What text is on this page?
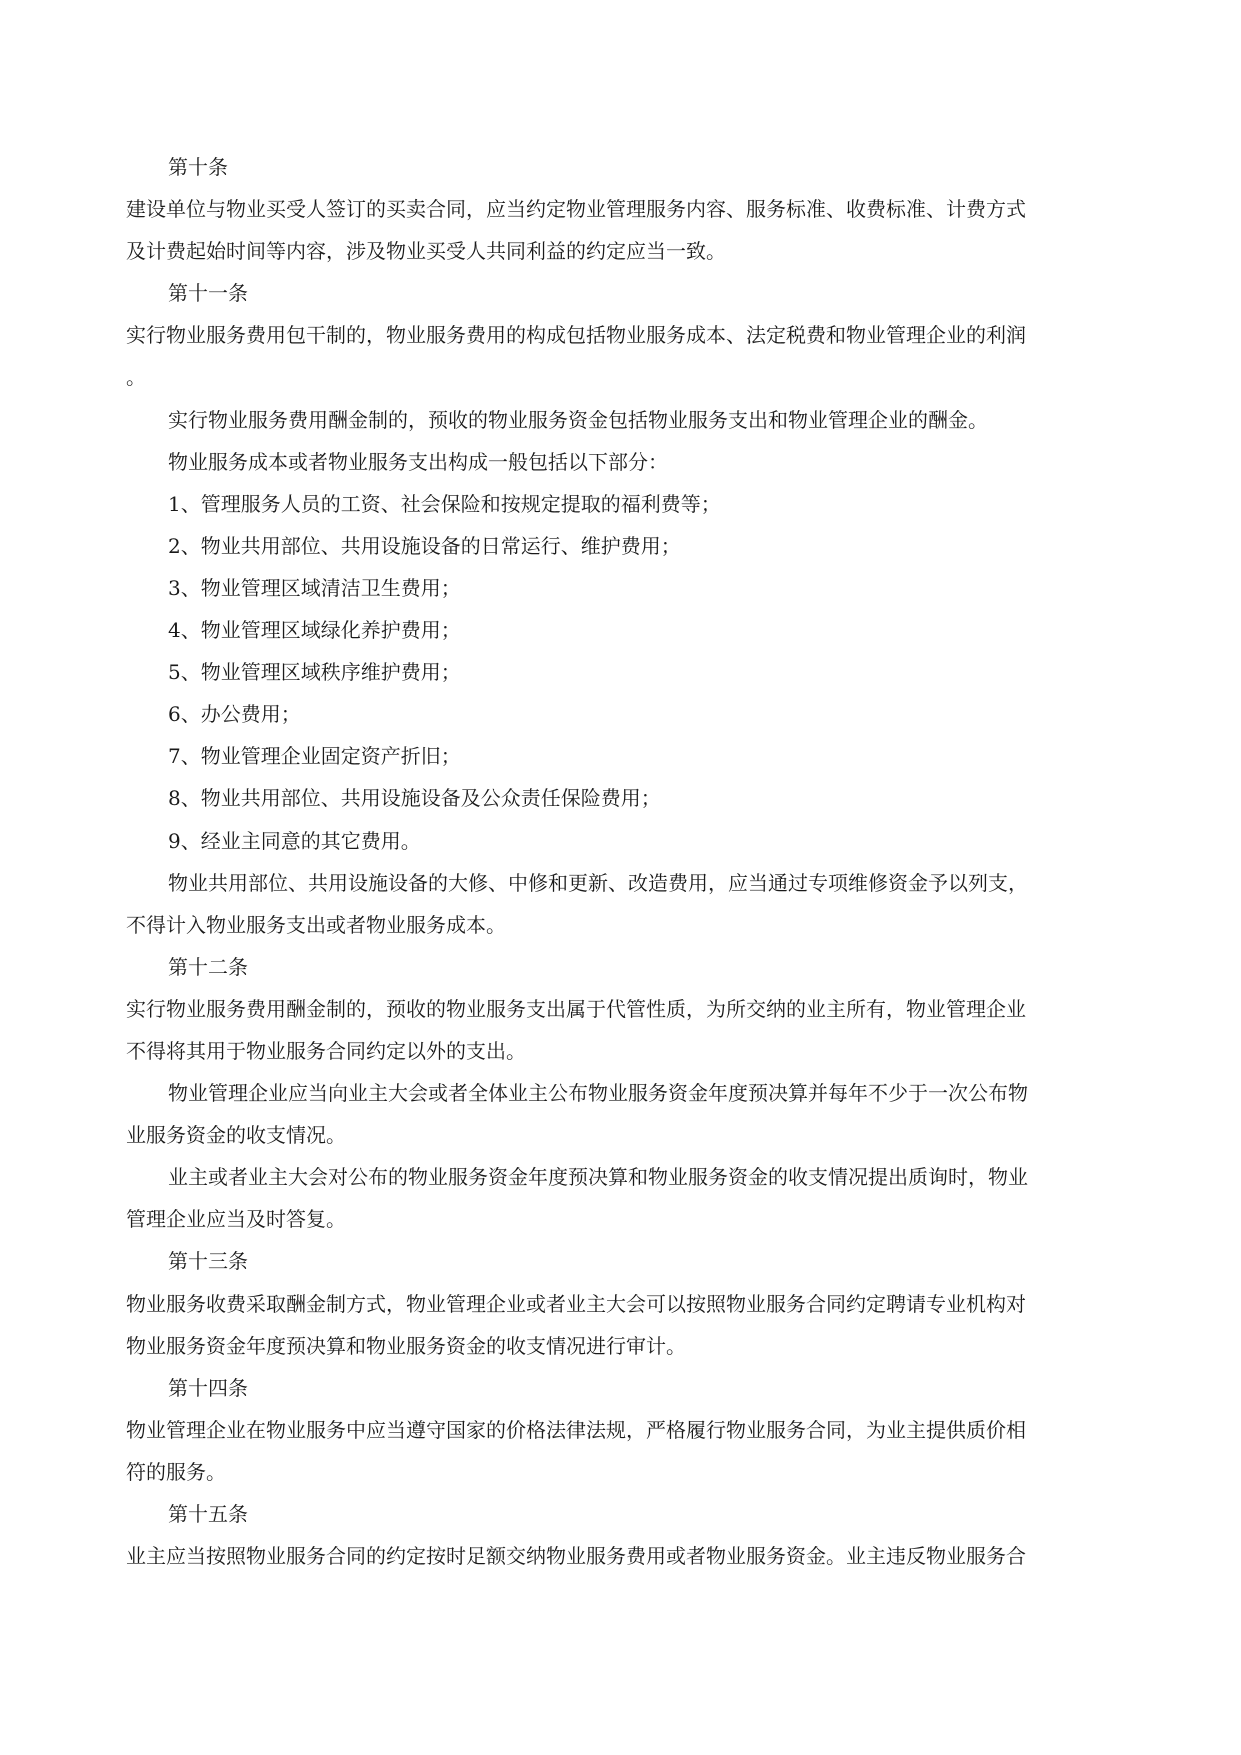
第十条
建设单位与物业买受人签订的买卖合同，应当约定物业管理服务内容、服务标准、收费标准、计费方式
及计费起始时间等内容，涉及物业买受人共同利益的约定应当一致。
第十一条
实行物业服务费用包干制的，物业服务费用的构成包括物业服务成本、法定税费和物业管理企业的利润
。
实行物业服务费用酬金制的，预收的物业服务资金包括物业服务支出和物业管理企业的酬金。
物业服务成本或者物业服务支出构成一般包括以下部分：
1、管理服务人员的工资、社会保险和按规定提取的福利费等；
2、物业共用部位、共用设施设备的日常运行、维护费用；
3、物业管理区域清洁卫生费用；
4、物业管理区域绿化养护费用；
5、物业管理区域秩序维护费用；
6、办公费用；
7、物业管理企业固定资产折旧；
8、物业共用部位、共用设施设备及公众责任保险费用；
9、经业主同意的其它费用。
物业共用部位、共用设施设备的大修、中修和更新、改造费用，应当通过专项维修资金予以列支，
不得计入物业服务支出或者物业服务成本。
第十二条
实行物业服务费用酬金制的，预收的物业服务支出属于代管性质，为所交纳的业主所有，物业管理企业
不得将其用于物业服务合同约定以外的支出。
物业管理企业应当向业主大会或者全体业主公布物业服务资金年度预决算并每年不少于一次公布物
业服务资金的收支情况。
业主或者业主大会对公布的物业服务资金年度预决算和物业服务资金的收支情况提出质询时，物业
管理企业应当及时答复。
第十三条
物业服务收费采取酬金制方式，物业管理企业或者业主大会可以按照物业服务合同约定聘请专业机构对
物业服务资金年度预决算和物业服务资金的收支情况进行审计。
第十四条
物业管理企业在物业服务中应当遵守国家的价格法律法规，严格履行物业服务合同，为业主提供质价相
符的服务。
第十五条
业主应当按照物业服务合同的约定按时足额交纳物业服务费用或者物业服务资金。业主违反物业服务合
